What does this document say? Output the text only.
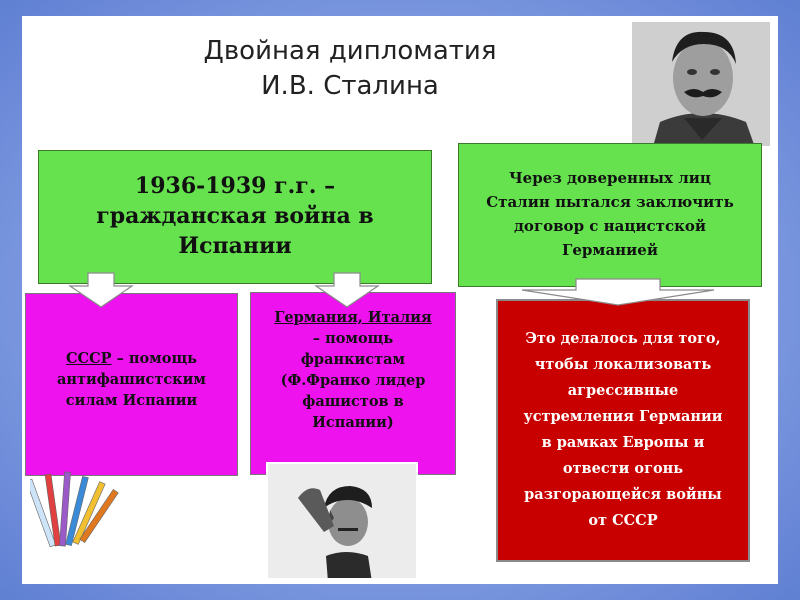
Двойная дипломатия
И.В. Сталина
1936-1939 г.г. –
гражданская война в
Испании
Через доверенных лиц
Сталин пытался заключить
договор с нацистской
Германией
СССР – помощь
антифашистским
силам Испании
Германия, Италия
– помощь
франкистам
(Ф.Франко лидер
фашистов в
Испании)
Это делалось для того,
чтобы локализовать
агрессивные
устремления Германии
в рамках Европы и
отвести огонь
разгорающейся войны
от СССР
